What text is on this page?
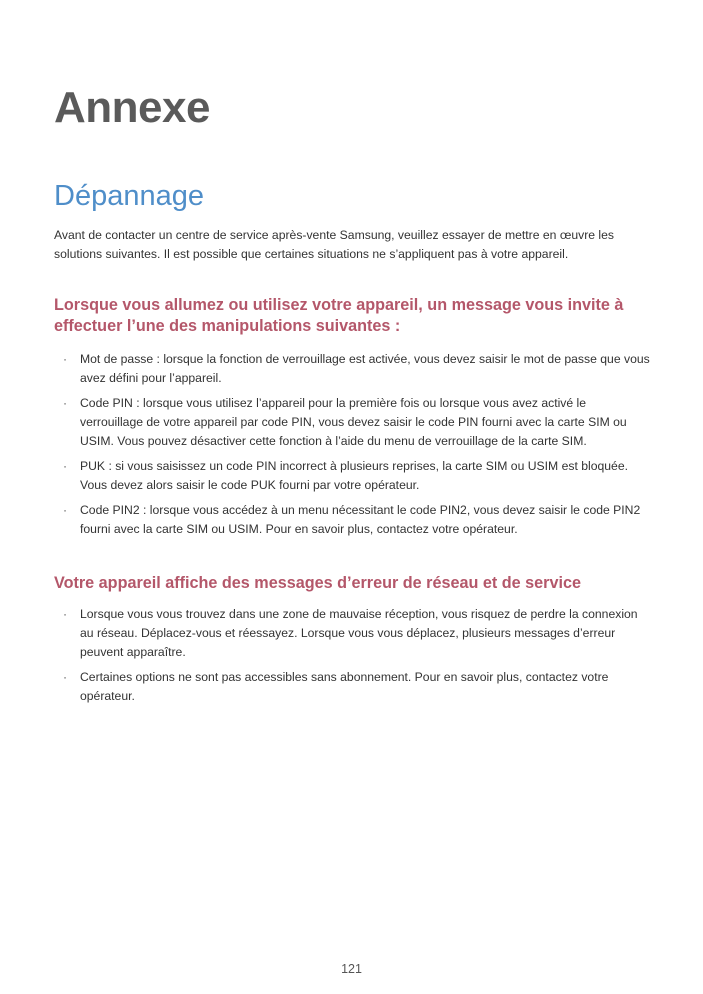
Annexe
Dépannage

Avant de contacter un centre de service après-vente Samsung, veuillez essayer de mettre en œuvre les solutions suivantes. Il est possible que certaines situations ne s’appliquent pas à votre appareil.

Lorsque vous allumez ou utilisez votre appareil, un message vous invite à effectuer l’une des manipulations suivantes :
· Mot de passe : lorsque la fonction de verrouillage est activée, vous devez saisir le mot de passe que vous avez défini pour l’appareil.
· Code PIN : lorsque vous utilisez l’appareil pour la première fois ou lorsque vous avez activé le verrouillage de votre appareil par code PIN, vous devez saisir le code PIN fourni avec la carte SIM ou USIM. Vous pouvez désactiver cette fonction à l’aide du menu de verrouillage de la carte SIM.
· PUK : si vous saisissez un code PIN incorrect à plusieurs reprises, la carte SIM ou USIM est bloquée. Vous devez alors saisir le code PUK fourni par votre opérateur.
· Code PIN2 : lorsque vous accédez à un menu nécessitant le code PIN2, vous devez saisir le code PIN2 fourni avec la carte SIM ou USIM. Pour en savoir plus, contactez votre opérateur.
Votre appareil affiche des messages d’erreur de réseau et de service
· Lorsque vous vous trouvez dans une zone de mauvaise réception, vous risquez de perdre la connexion au réseau. Déplacez-vous et réessayez. Lorsque vous vous déplacez, plusieurs messages d’erreur peuvent apparaître.
· Certaines options ne sont pas accessibles sans abonnement. Pour en savoir plus, contactez votre opérateur.
121
